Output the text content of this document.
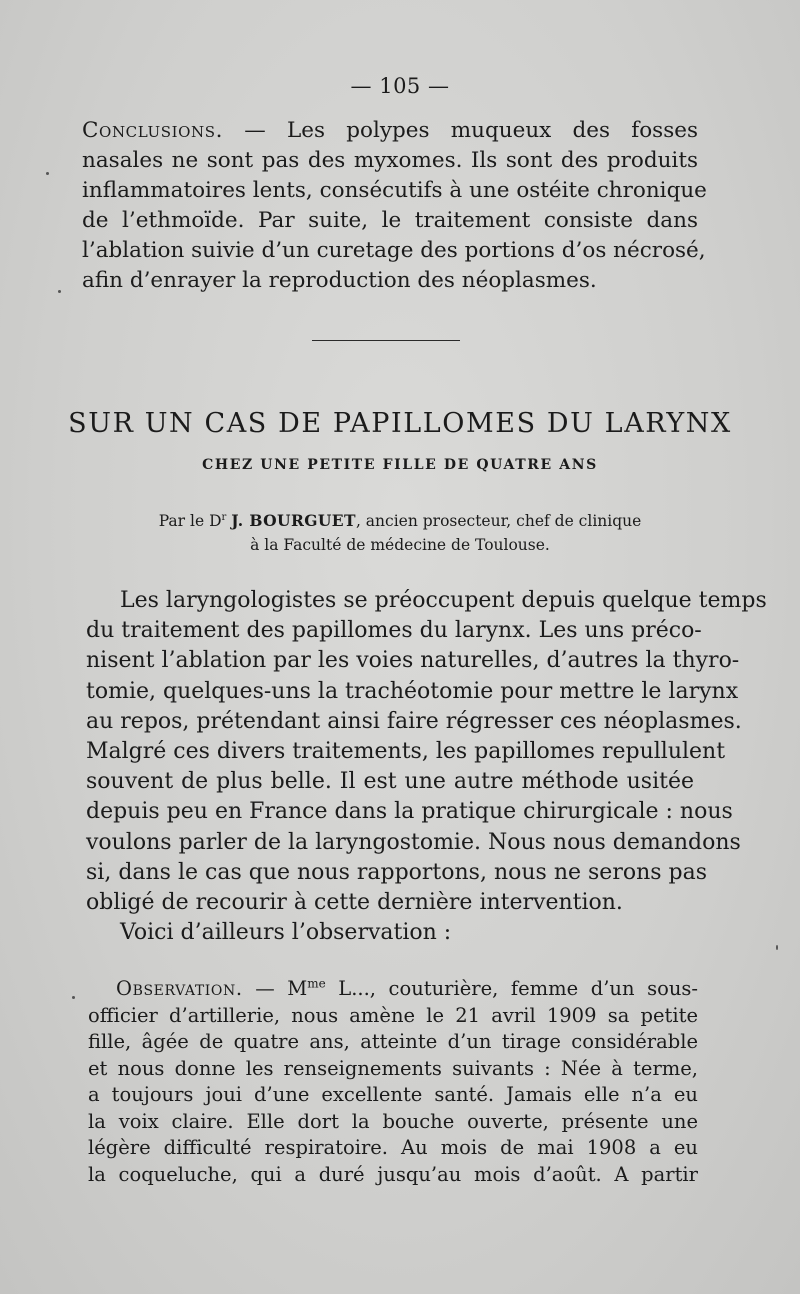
— 105 —
Conclusions. — Les polypes muqueux des fosses
nasales ne sont pas des myxomes. Ils sont des produits
inflammatoires lents, consécutifs à une ostéite chronique
de l’ethmoïde. Par suite, le traitement consiste dans
l’ablation suivie d’un curetage des portions d’os nécrosé,
afin d’enrayer la reproduction des néoplasmes.
SUR UN CAS DE PAPILLOMES DU LARYNX
CHEZ UNE PETITE FILLE DE QUATRE ANS
Par le $D^r$ J. BOURGUET, ancien prosecteur, chef de clinique
à la Faculté de médecine de Toulouse.
Les laryngologistes se préoccupent depuis quelque temps
du traitement des papillomes du larynx. Les uns préco-
nisent l’ablation par les voies naturelles, d’autres la thyro-
tomie, quelques-uns la trachéotomie pour mettre le larynx
au repos, prétendant ainsi faire régresser ces néoplasmes.
Malgré ces divers traitements, les papillomes repullulent
souvent de plus belle. Il est une autre méthode usitée
depuis peu en France dans la pratique chirurgicale : nous
voulons parler de la laryngostomie. Nous nous demandons
si, dans le cas que nous rapportons, nous ne serons pas
obligé de recourir à cette dernière intervention.
Voici d’ailleurs l’observation :
Observation. — $M^{me}$ L..., couturière, femme d’un sous-
officier d’artillerie, nous amène le 21 avril 1909 sa petite
fille, âgée de quatre ans, atteinte d’un tirage considérable
et nous donne les renseignements suivants : Née à terme,
a toujours joui d’une excellente santé. Jamais elle n’a eu
la voix claire. Elle dort la bouche ouverte, présente une
légère difficulté respiratoire. Au mois de mai 1908 a eu
la coqueluche, qui a duré jusqu’au mois d’août. A partir
